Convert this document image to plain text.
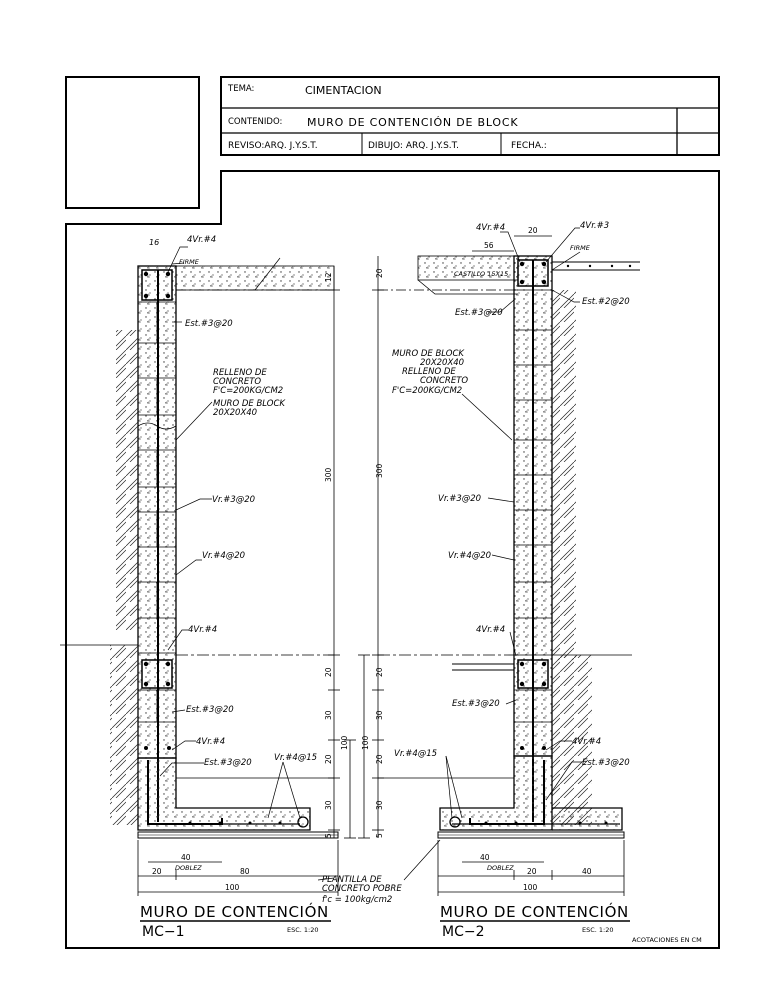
TEMA:	CIMENTACION
CONTENIDO: MURO DE CONTENCIÓN DE BLOCK
REVISO:ARQ. J.Y.S.T.	DIBUJO: ARQ. J.Y.S.T.	FECHA.:
16	4Vr.#4
FIRME
Est.#3@20
RELLENO DE
CONCRETO
F'C=200KG/CM2
MURO DE BLOCK
20X20X40
Vr.#3@20
Vr.#4@20
4Vr.#4
Est.#3@20
4Vr.#4
Est.#3@20	Vr.#4@15
DOBLEZ
12
300
20
30
20
30
5
100
40
20	80
100
MURO DE CONTENCIÓN
MC−1	ESC. 1:20
4Vr.#4	4Vr.#3
56
20
FIRME
CASTILLO 15X15
Est.#2@20
Est.#3@20
MURO DE BLOCK
20X20X40
RELLENO DE
CONCRETO
F'C=200KG/CM2
Vr.#3@20
Vr.#4@20
4Vr.#4
Est.#3@20
Vr.#4@15
4Vr.#4
Est.#3@20
DOBLEZ
20
300
20
30
20
30
5
100
40
20	40
100
PLANTILLA DE
CONCRETO POBRE
f'c = 100kg/cm2
MURO DE CONTENCIÓN
MC−2	ESC. 1:20
ACOTACIONES EN CM
